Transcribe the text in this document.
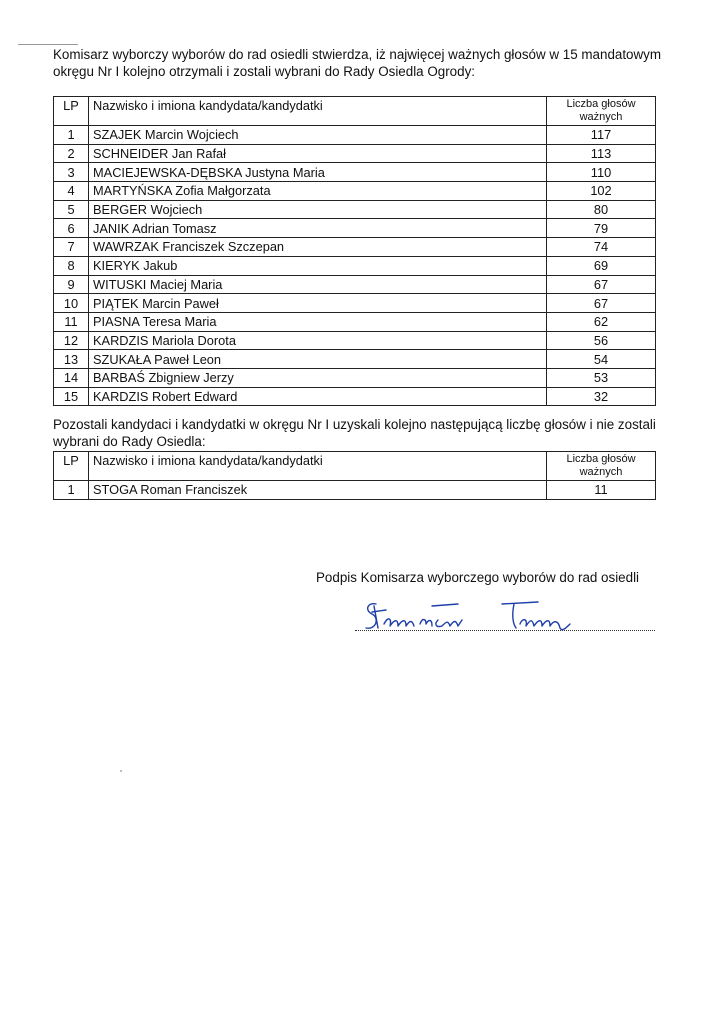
Komisarz wyborczy wyborów do rad osiedli stwierdza, iż najwięcej ważnych głosów w 15 mandatowym okręgu Nr I kolejno otrzymali i zostali wybrani do Rady Osiedla Ogrody:

LP	Nazwisko i imiona kandydata/kandydatki	Liczba głosów ważnych
1	SZAJEK Marcin Wojciech	117
2	SCHNEIDER Jan Rafał	113
3	MACIEJEWSKA-DĘBSKA Justyna Maria	110
4	MARTYŃSKA Zofia Małgorzata	102
5	BERGER Wojciech	80
6	JANIK Adrian Tomasz	79
7	WAWRZAK Franciszek Szczepan	74
8	KIERYK Jakub	69
9	WITUSKI Maciej Maria	67
10	PIĄTEK Marcin Paweł	67
11	PIASNA Teresa Maria	62
12	KARDZIS Mariola Dorota	56
13	SZUKAŁA Paweł Leon	54
14	BARBAŚ Zbigniew Jerzy	53
15	KARDZIS Robert Edward	32

Pozostali kandydaci i kandydatki w okręgu Nr I uzyskali kolejno następującą liczbę głosów i nie zostali wybrani do Rady Osiedla:

LP	Nazwisko i imiona kandydata/kandydatki	Liczba głosów ważnych
1	STOGA Roman Franciszek	11
Podpis Komisarza wyborczego wyborów do rad osiedli
